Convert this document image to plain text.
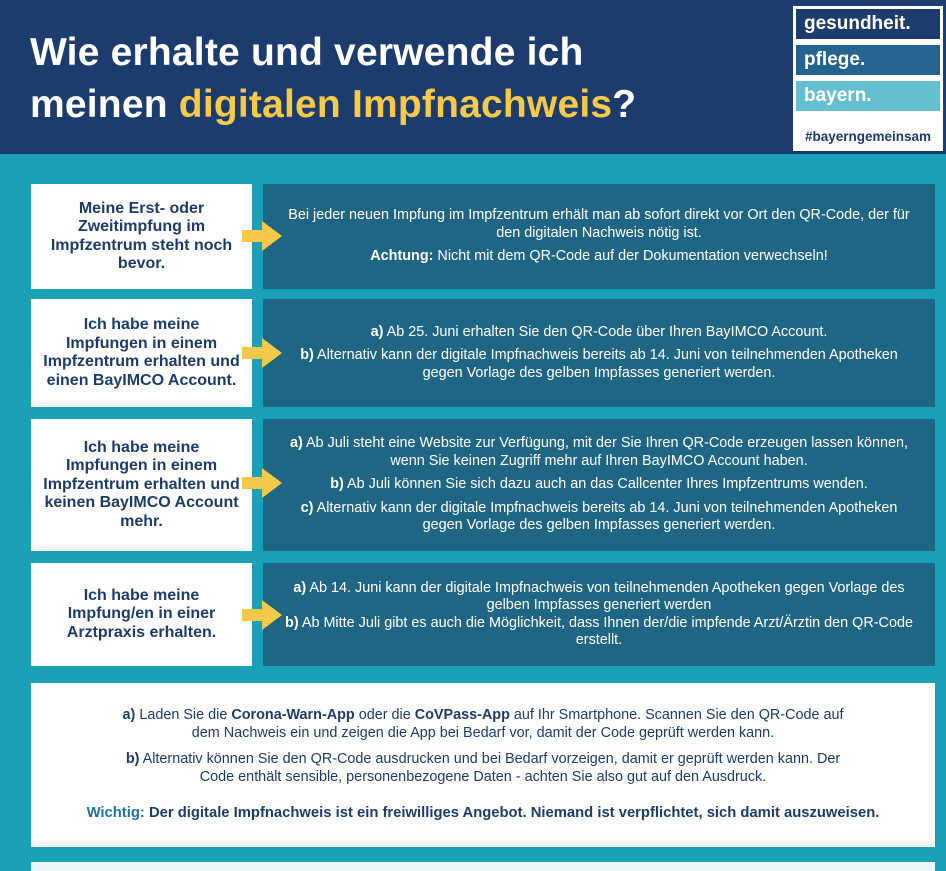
Wie erhalte und verwende ich
meinen digitalen Impfnachweis?
gesundheit.
pflege.
bayern.
#bayerngemeinsam
Meine Erst- oder Zweitimpfung im Impfzentrum steht noch bevor.

Bei jeder neuen Impfung im Impfzentrum erhält man ab sofort direkt vor Ort den QR-Code, der für den digitalen Nachweis nötig ist.

Achtung: Nicht mit dem QR-Code auf der Dokumentation verwechseln!

Ich habe meine Impfungen in einem Impfzentrum erhalten und einen BayIMCO Account.

a) Ab 25. Juni erhalten Sie den QR-Code über Ihren BayIMCO Account.

b) Alternativ kann der digitale Impfnachweis bereits ab 14. Juni von teilnehmenden Apotheken gegen Vorlage des gelben Impfasses generiert werden.

Ich habe meine Impfungen in einem Impfzentrum erhalten und keinen BayIMCO Account mehr.

a) Ab Juli steht eine Website zur Verfügung, mit der Sie Ihren QR-Code erzeugen lassen können, wenn Sie keinen Zugriff mehr auf Ihren BayIMCO Account haben.

b) Ab Juli können Sie sich dazu auch an das Callcenter Ihres Impfzentrums wenden.

c) Alternativ kann der digitale Impfnachweis bereits ab 14. Juni von teilnehmenden Apotheken gegen Vorlage des gelben Impfasses generiert werden.

Ich habe meine Impfung/en in einer Arztpraxis erhalten.

a) Ab 14. Juni kann der digitale Impfnachweis von teilnehmenden Apotheken gegen Vorlage des gelben Impfasses generiert werden

b) Ab Mitte Juli gibt es auch die Möglichkeit, dass Ihnen der/die impfende Arzt/Ärztin den QR-Code erstellt.

a) Laden Sie die Corona-Warn-App oder die CoVPass-App auf Ihr Smartphone. Scannen Sie den QR-Code auf dem Nachweis ein und zeigen die App bei Bedarf vor, damit der Code geprüft werden kann.

b) Alternativ können Sie den QR-Code ausdrucken und bei Bedarf vorzeigen, damit er geprüft werden kann. Der Code enthält sensible, personenbezogene Daten - achten Sie also gut auf den Ausdruck.

Wichtig: Der digitale Impfnachweis ist ein freiwilliges Angebot. Niemand ist verpflichtet, sich damit auszuweisen.
